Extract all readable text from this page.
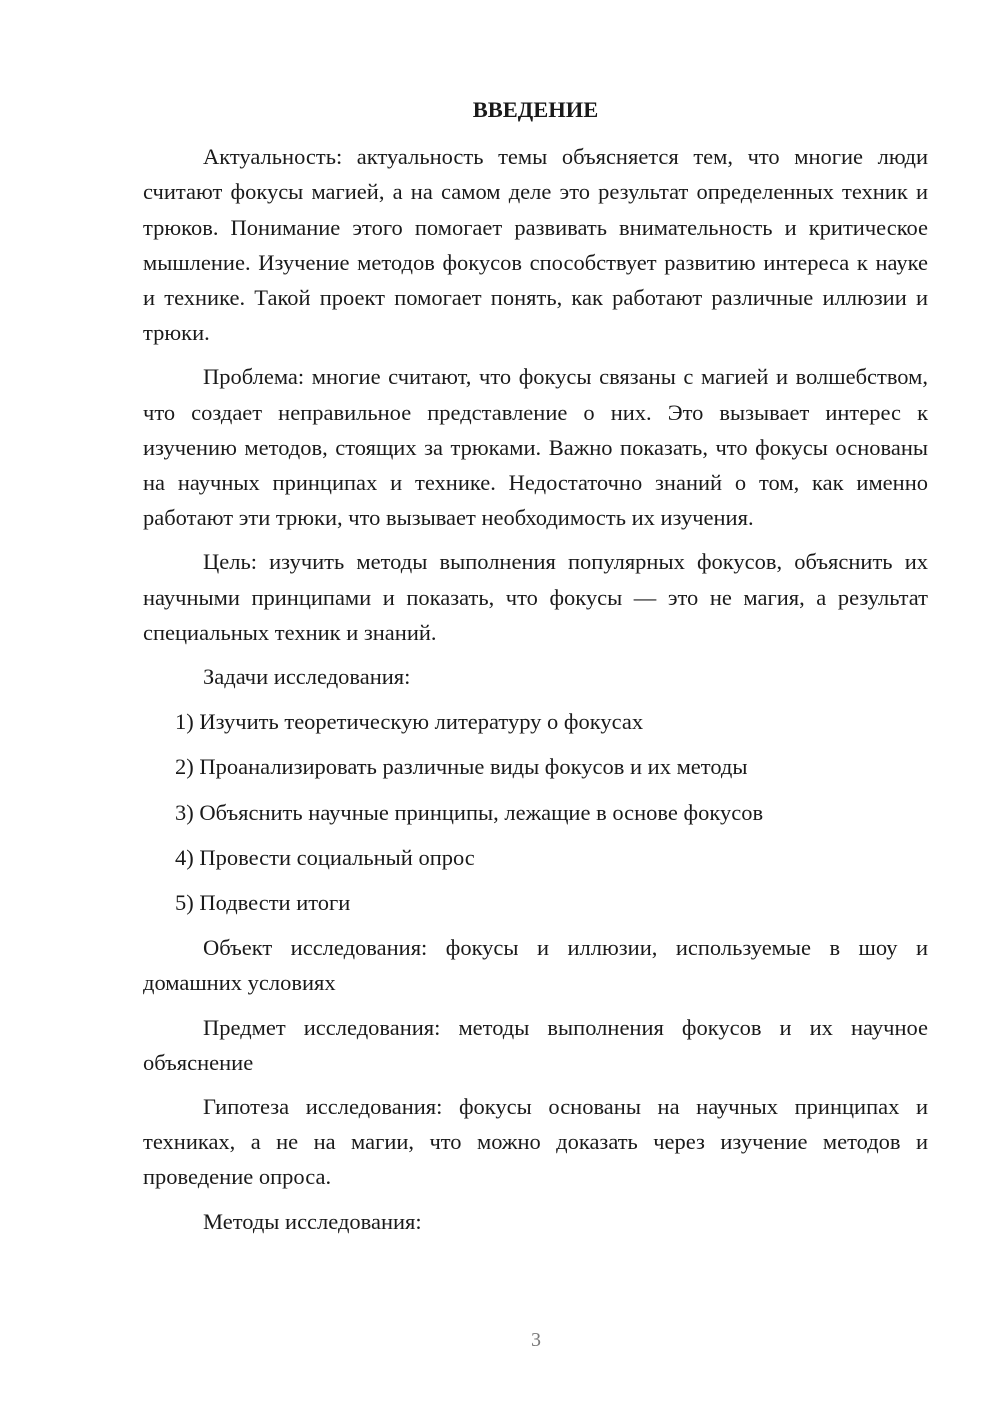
ВВЕДЕНИЕ

Актуальность: актуальность темы объясняется тем, что многие люди считают фокусы магией, а на самом деле это результат определенных техник и трюков. Понимание этого помогает развивать внимательность и критическое мышление. Изучение методов фокусов способствует развитию интереса к науке и технике. Такой проект помогает понять, как работают различные иллюзии и трюки.

Проблема: многие считают, что фокусы связаны с магией и волшебством, что создает неправильное представление о них. Это вызывает интерес к изучению методов, стоящих за трюками. Важно показать, что фокусы основаны на научных принципах и технике. Недостаточно знаний о том, как именно работают эти трюки, что вызывает необходимость их изучения.

Цель: изучить методы выполнения популярных фокусов, объяснить их научными принципами и показать, что фокусы — это не магия, а результат специальных техник и знаний.

Задачи исследования:

1) Изучить теоретическую литературу о фокусах
2) Проанализировать различные виды фокусов и их методы
3) Объяснить научные принципы, лежащие в основе фокусов
4) Провести социальный опрос
5) Подвести итоги

Объект исследования: фокусы и иллюзии, используемые в шоу и домашних условиях

Предмет исследования: методы выполнения фокусов и их научное объяснение

Гипотеза исследования: фокусы основаны на научных принципах и техниках, а не на магии, что можно доказать через изучение методов и проведение опроса.

Методы исследования:

3
